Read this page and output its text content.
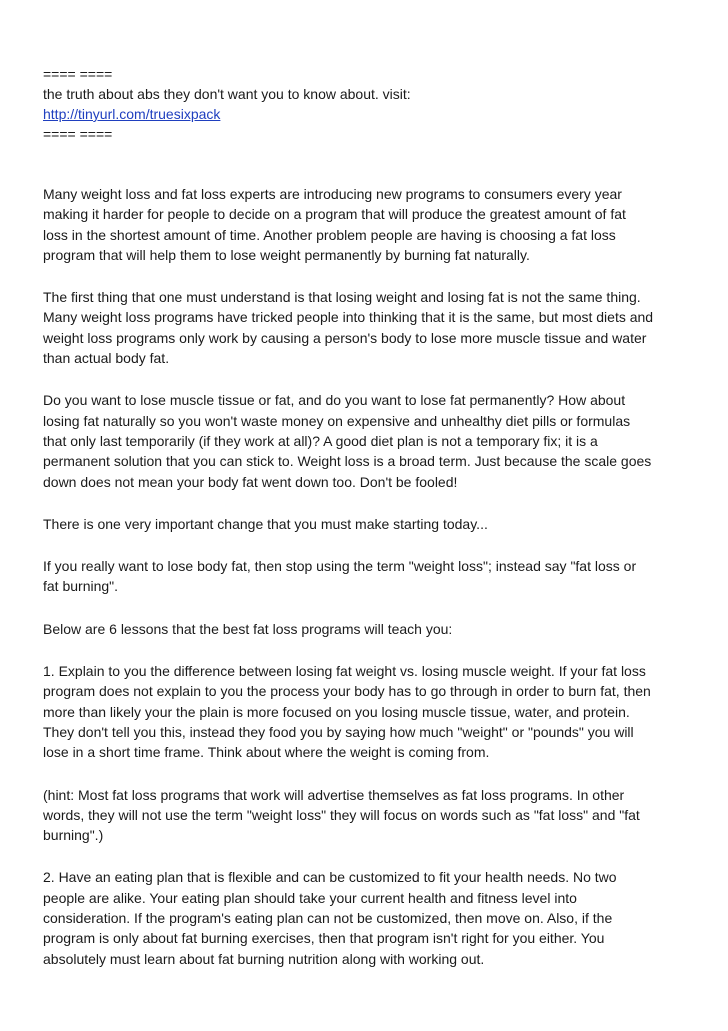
==== ====

the truth about abs they don't want you to know about. visit:

http://tinyurl.com/truesixpack

==== ====

Many weight loss and fat loss experts are introducing new programs to consumers every year
making it harder for people to decide on a program that will produce the greatest amount of fat
loss in the shortest amount of time. Another problem people are having is choosing a fat loss
program that will help them to lose weight permanently by burning fat naturally.

The first thing that one must understand is that losing weight and losing fat is not the same thing.
Many weight loss programs have tricked people into thinking that it is the same, but most diets and
weight loss programs only work by causing a person's body to lose more muscle tissue and water
than actual body fat.

Do you want to lose muscle tissue or fat, and do you want to lose fat permanently? How about
losing fat naturally so you won't waste money on expensive and unhealthy diet pills or formulas
that only last temporarily (if they work at all)? A good diet plan is not a temporary fix; it is a
permanent solution that you can stick to. Weight loss is a broad term. Just because the scale goes
down does not mean your body fat went down too. Don't be fooled!

There is one very important change that you must make starting today...

If you really want to lose body fat, then stop using the term "weight loss"; instead say "fat loss or
fat burning".

Below are 6 lessons that the best fat loss programs will teach you:

1. Explain to you the difference between losing fat weight vs. losing muscle weight. If your fat loss
program does not explain to you the process your body has to go through in order to burn fat, then
more than likely your the plain is more focused on you losing muscle tissue, water, and protein.
They don't tell you this, instead they food you by saying how much "weight" or "pounds" you will
lose in a short time frame. Think about where the weight is coming from.

(hint: Most fat loss programs that work will advertise themselves as fat loss programs. In other
words, they will not use the term "weight loss" they will focus on words such as "fat loss" and "fat
burning".)

2. Have an eating plan that is flexible and can be customized to fit your health needs. No two
people are alike. Your eating plan should take your current health and fitness level into
consideration. If the program's eating plan can not be customized, then move on. Also, if the
program is only about fat burning exercises, then that program isn't right for you either. You
absolutely must learn about fat burning nutrition along with working out.
